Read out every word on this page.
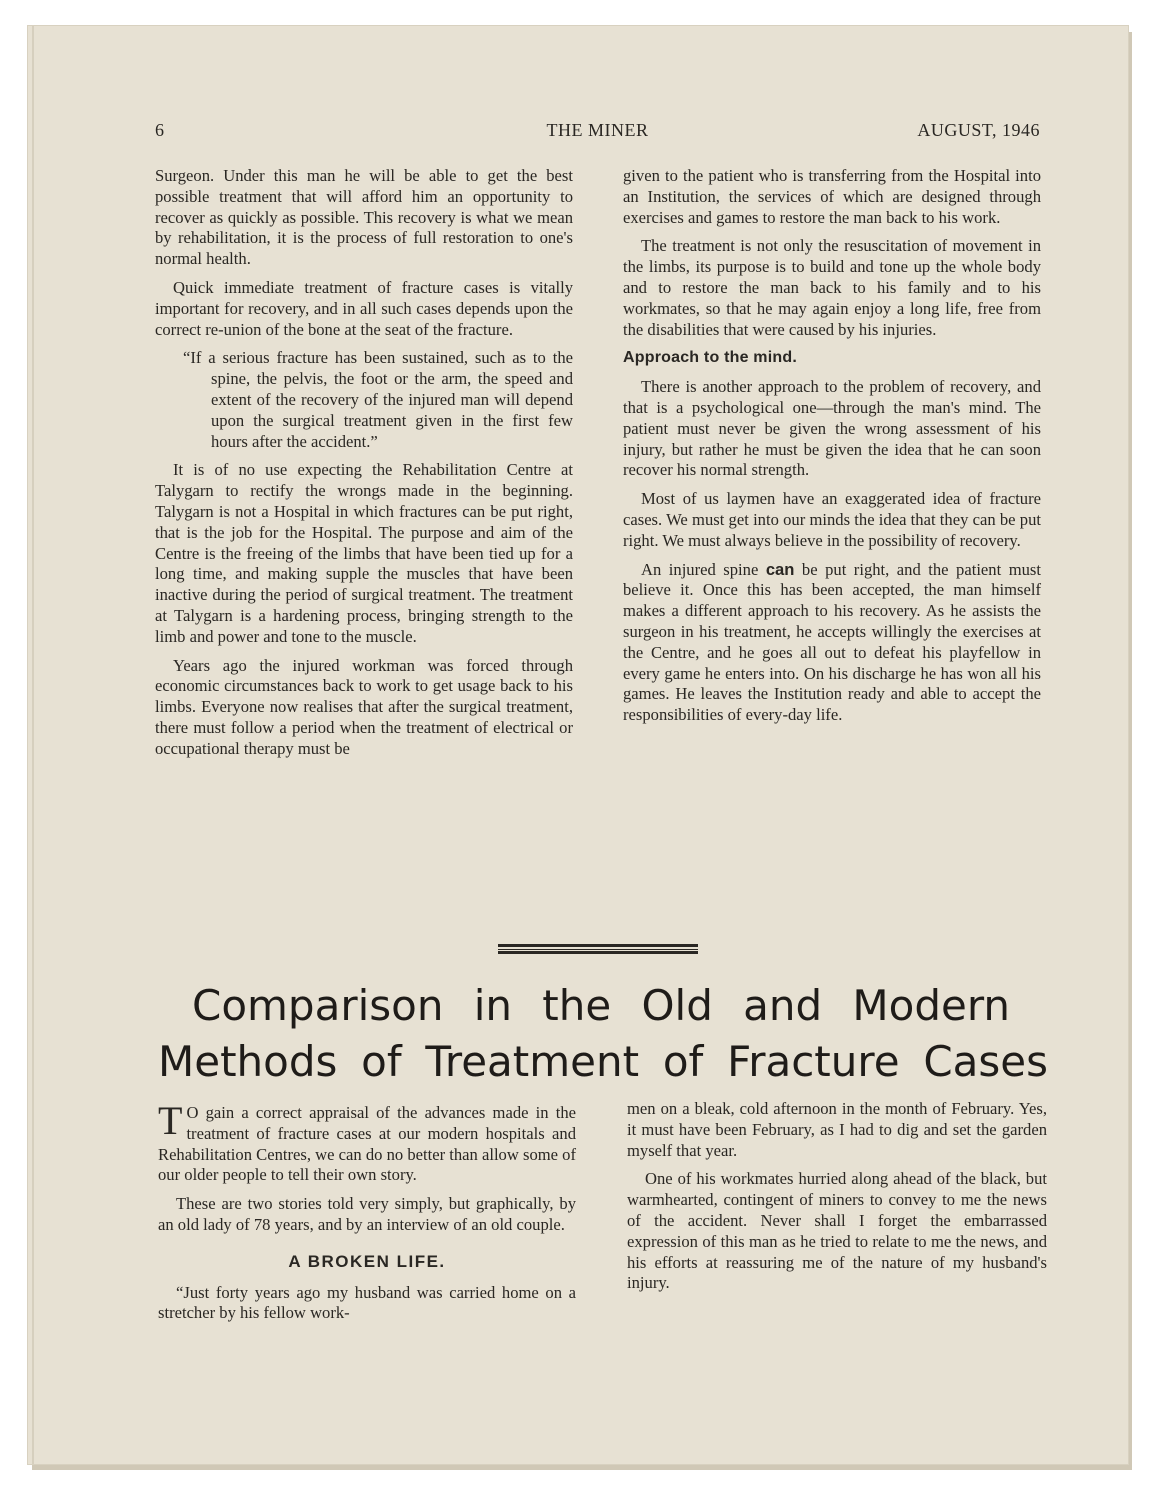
6	THE MINER	AUGUST, 1946

Surgeon. Under this man he will be able to get the best possible treatment that will afford him an opportunity to recover as quickly as possible. This recovery is what we mean by rehabilitation, it is the process of full restoration to one's normal health.

Quick immediate treatment of fracture cases is vitally important for recovery, and in all such cases depends upon the correct re-union of the bone at the seat of the fracture.

“If a serious fracture has been sustained, such as to the spine, the pelvis, the foot or the arm, the speed and extent of the recovery of the injured man will depend upon the surgical treatment given in the first few hours after the accident.”

It is of no use expecting the Rehabilitation Centre at Talygarn to rectify the wrongs made in the beginning. Talygarn is not a Hospital in which fractures can be put right, that is the job for the Hospital. The purpose and aim of the Centre is the freeing of the limbs that have been tied up for a long time, and making supple the muscles that have been inactive during the period of surgical treatment. The treatment at Talygarn is a hardening process, bringing strength to the limb and power and tone to the muscle.

Years ago the injured workman was forced through economic circumstances back to work to get usage back to his limbs. Everyone now realises that after the surgical treatment, there must follow a period when the treatment of electrical or occupational therapy must be

given to the patient who is transferring from the Hospital into an Institution, the services of which are designed through exercises and games to restore the man back to his work.

The treatment is not only the resuscitation of movement in the limbs, its purpose is to build and tone up the whole body and to restore the man back to his family and to his workmates, so that he may again enjoy a long life, free from the disabilities that were caused by his injuries.

Approach to the mind.

There is another approach to the problem of recovery, and that is a psychological one—through the man's mind. The patient must never be given the wrong assessment of his injury, but rather he must be given the idea that he can soon recover his normal strength.

Most of us laymen have an exaggerated idea of fracture cases. We must get into our minds the idea that they can be put right. We must always believe in the possibility of recovery.

An injured spine can be put right, and the patient must believe it. Once this has been accepted, the man himself makes a different approach to his recovery. As he assists the surgeon in his treatment, he accepts willingly the exercises at the Centre, and he goes all out to defeat his playfellow in every game he enters into. On his discharge he has won all his games. He leaves the Institution ready and able to accept the responsibilities of every-day life.

Comparison in the Old and Modern
Methods of Treatment of Fracture Cases

T O gain a correct appraisal of the advances made in the treatment of fracture cases at our modern hospitals and Rehabilitation Centres, we can do no better than allow some of our older people to tell their own story.

These are two stories told very simply, but graphically, by an old lady of 78 years, and by an interview of an old couple.

A BROKEN LIFE.

“Just forty years ago my husband was carried home on a stretcher by his fellow work-

men on a bleak, cold afternoon in the month of February. Yes, it must have been February, as I had to dig and set the garden myself that year.

One of his workmates hurried along ahead of the black, but warmhearted, contingent of miners to convey to me the news of the accident. Never shall I forget the embarrassed expression of this man as he tried to relate to me the news, and his efforts at reassuring me of the nature of my husband's injury.
